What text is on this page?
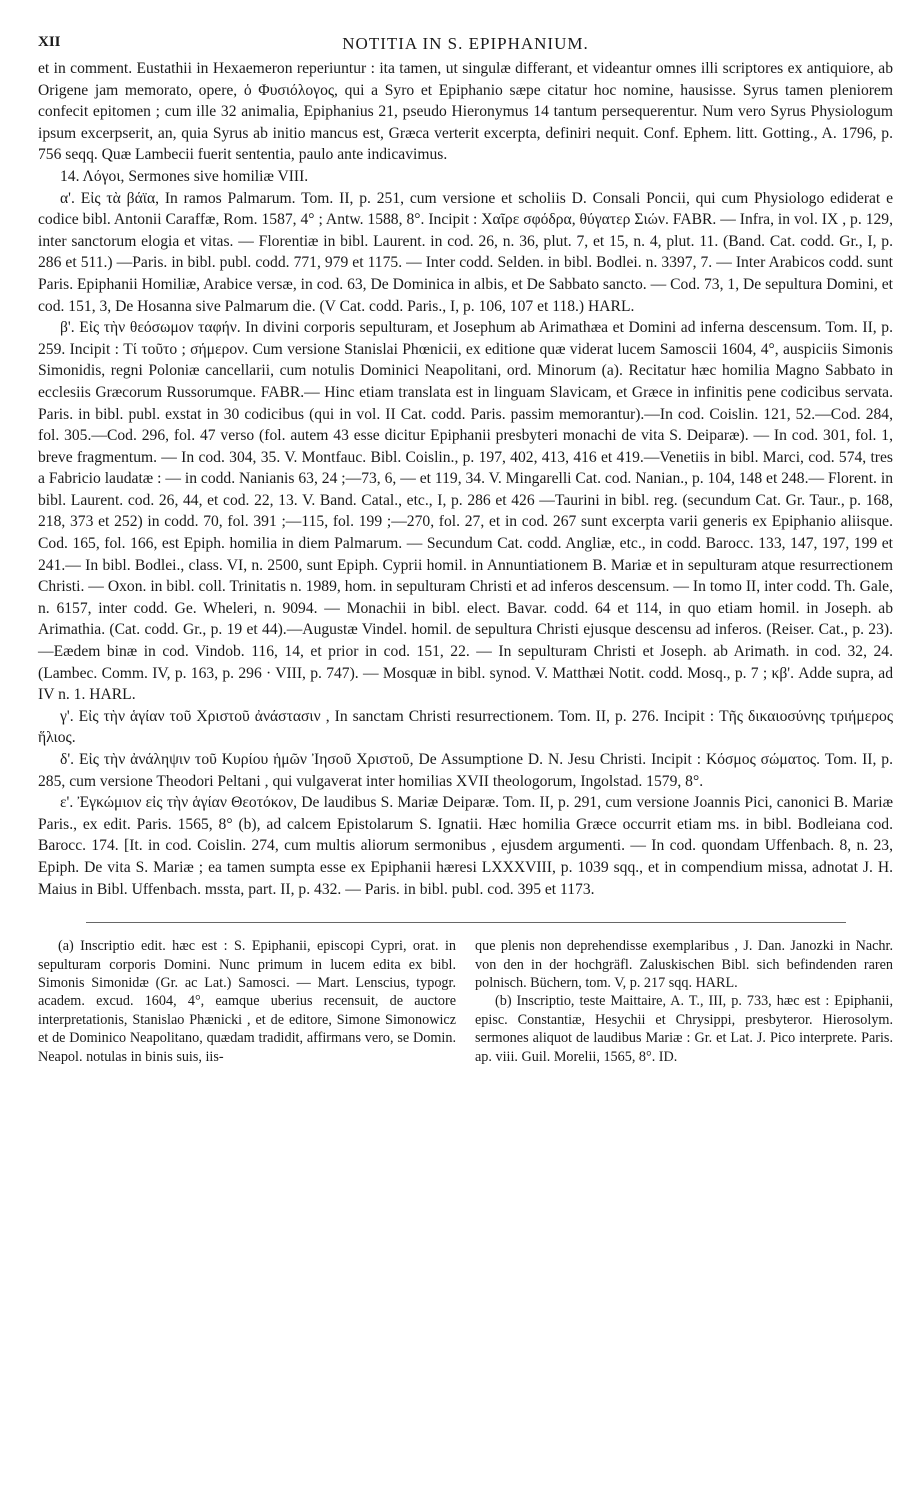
XII	NOTITIA IN S. EPIPHANIUM.

et in comment. Eustathii in Hexaemeron reperiuntur : ita tamen, ut singulæ differant, et videantur omnes illi scriptores ex antiquiore, ab Origene jam memorato, opere, ὁ Φυσιόλογος, qui a Syro et Epiphanio sæpe citatur hoc nomine, hausisse. Syrus tamen pleniorem confecit epitomen ; cum ille 32 animalia, Epiphanius 21, pseudo Hieronymus 14 tantum persequerentur. Num vero Syrus Physiologum ipsum excerpserit, an, quia Syrus ab initio mancus est, Græca verterit excerpta, definiri nequit. Conf. Ephem. litt. Gotting., A. 1796, p. 756 seqq. Quæ Lambecii fuerit sententia, paulo ante indicavimus.

14. Λόγοι, Sermones sive homiliæ VIII.

α'. Εἰς τὰ βάϊα, In ramos Palmarum. Tom. II, p. 251, cum versione et scholiis D. Consali Poncii, qui cum Physiologo ediderat e codice bibl. Antonii Caraffæ, Rom. 1587, 4° ; Antw. 1588, 8°. Incipit : Χαῖρε σφόδρα, θύγατερ Σιών. FABR. — Infra, in vol. IX , p. 129, inter sanctorum elogia et vitas. — Florentiæ in bibl. Laurent. in cod. 26, n. 36, plut. 7, et 15, n. 4, plut. 11. (Band. Cat. codd. Gr., I, p. 286 et 511.) —Paris. in bibl. publ. codd. 771, 979 et 1175. — Inter codd. Selden. in bibl. Bodlei. n. 3397, 7. — Inter Arabicos codd. sunt Paris. Epiphanii Homiliæ, Arabice versæ, in cod. 63, De Dominica in albis, et De Sabbato sancto. — Cod. 73, 1, De sepultura Domini, et cod. 151, 3, De Hosanna sive Palmarum die. (V Cat. codd. Paris., I, p. 106, 107 et 118.) HARL.

β'. Εἰς τὴν θεόσωμον ταφήν. In divini corporis sepulturam, et Josephum ab Arimathæa et Domini ad inferna descensum. Tom. II, p. 259. Incipit : Τί τοῦτο ; σήμερον. Cum versione Stanislai Phœnicii, ex editione quæ viderat lucem Samoscii 1604, 4°, auspiciis Simonis Simonidis, regni Poloniæ cancellarii, cum notulis Dominici Neapolitani, ord. Minorum (a). Recitatur hæc homilia Magno Sabbato in ecclesiis Græcorum Russorumque. FABR.— Hinc etiam translata est in linguam Slavicam, et Græce in infinitis pene codicibus servata. Paris. in bibl. publ. exstat in 30 codicibus (qui in vol. II Cat. codd. Paris. passim memorantur).—In cod. Coislin. 121, 52.—Cod. 284, fol. 305.—Cod. 296, fol. 47 verso (fol. autem 43 esse dicitur Epiphanii presbyteri monachi de vita S. Deiparæ). — In cod. 301, fol. 1, breve fragmentum. — In cod. 304, 35. V. Montfauc. Bibl. Coislin., p. 197, 402, 413, 416 et 419.—Venetiis in bibl. Marci, cod. 574, tres a Fabricio laudatæ : — in codd. Nanianis 63, 24 ;—73, 6, — et 119, 34. V. Mingarelli Cat. cod. Nanian., p. 104, 148 et 248.— Florent. in bibl. Laurent. cod. 26, 44, et cod. 22, 13. V. Band. Catal., etc., I, p. 286 et 426 —Taurini in bibl. reg. (secundum Cat. Gr. Taur., p. 168, 218, 373 et 252) in codd. 70, fol. 391 ;—115, fol. 199 ;—270, fol. 27, et in cod. 267 sunt excerpta varii generis ex Epiphanio aliisque. Cod. 165, fol. 166, est Epiph. homilia in diem Palmarum. — Secundum Cat. codd. Angliæ, etc., in codd. Barocc. 133, 147, 197, 199 et 241.— In bibl. Bodlei., class. VI, n. 2500, sunt Epiph. Cyprii homil. in Annuntiationem B. Mariæ et in sepulturam atque resurrectionem Christi. — Oxon. in bibl. coll. Trinitatis n. 1989, hom. in sepulturam Christi et ad inferos descensum. — In tomo II, inter codd. Th. Gale, n. 6157, inter codd. Ge. Wheleri, n. 9094. — Monachii in bibl. elect. Bavar. codd. 64 et 114, in quo etiam homil. in Joseph. ab Arimathia. (Cat. codd. Gr., p. 19 et 44).—Augustæ Vindel. homil. de sepultura Christi ejusque descensu ad inferos. (Reiser. Cat., p. 23).—Eædem binæ in cod. Vindob. 116, 14, et prior in cod. 151, 22. — In sepulturam Christi et Joseph. ab Arimath. in cod. 32, 24. (Lambec. Comm. IV, p. 163, p. 296 · VIII, p. 747). — Mosquæ in bibl. synod. V. Matthæi Notit. codd. Mosq., p. 7 ; κβ'. Adde supra, ad IV n. 1. HARL.

γ'. Εἰς τὴν ἁγίαν τοῦ Χριστοῦ ἀνάστασιν , In sanctam Christi resurrectionem. Tom. II, p. 276. Incipit : Τῆς δικαιοσύνης τριήμερος ἥλιος.

δ'. Εἰς τὴν ἀνάληψιν τοῦ Κυρίου ἡμῶν Ἰησοῦ Χριστοῦ, De Assumptione D. N. Jesu Christi. Incipit : Κόσμος σώματος. Tom. II, p. 285, cum versione Theodori Peltani , qui vulgaverat inter homilias XVII theologorum, Ingolstad. 1579, 8°.

ε'. Ἐγκώμιον εἰς τὴν ἁγίαν Θεοτόκον, De laudibus S. Mariæ Deiparæ. Tom. II, p. 291, cum versione Joannis Pici, canonici B. Mariæ Paris., ex edit. Paris. 1565, 8° (b), ad calcem Epistolarum S. Ignatii. Hæc homilia Græce occurrit etiam ms. in bibl. Bodleiana cod. Barocc. 174. [It. in cod. Coislin. 274, cum multis aliorum sermonibus , ejusdem argumenti. — In cod. quondam Uffenbach. 8, n. 23, Epiph. De vita S. Mariæ ; ea tamen sumpta esse ex Epiphanii hæresi LXXXVIII, p. 1039 sqq., et in compendium missa, adnotat J. H. Maius in Bibl. Uffenbach. mssta, part. II, p. 432. — Paris. in bibl. publ. cod. 395 et 1173.

(a) Inscriptio edit. hæc est : S. Epiphanii, episcopi Cypri, orat. in sepulturam corporis Domini. Nunc primum in lucem edita ex bibl. Simonis Simonidæ (Gr. ac Lat.) Samosci. — Mart. Lenscius, typogr. academ. excud. 1604, 4°, eamque uberius recensuit, de auctore interpretationis, Stanislao Phænicki , et de editore, Simone Simonowicz et de Dominico Neapolitano, quædam tradidit, affirmans vero, se Domin. Neapol. notulas in binis suis, iis-

que plenis non deprehendisse exemplaribus , J. Dan. Janozki in Nachr. von den in der hochgräfl. Zaluskischen Bibl. sich befindenden raren polnisch. Büchern, tom. V, p. 217 sqq. HARL.

(b) Inscriptio, teste Maittaire, A. T., III, p. 733, hæc est : Epiphanii, episc. Constantiæ, Hesychii et Chrysippi, presbyteror. Hierosolym. sermones aliquot de laudibus Mariæ : Gr. et Lat. J. Pico interprete. Paris. ap. viii. Guil. Morelii, 1565, 8°. ID.
